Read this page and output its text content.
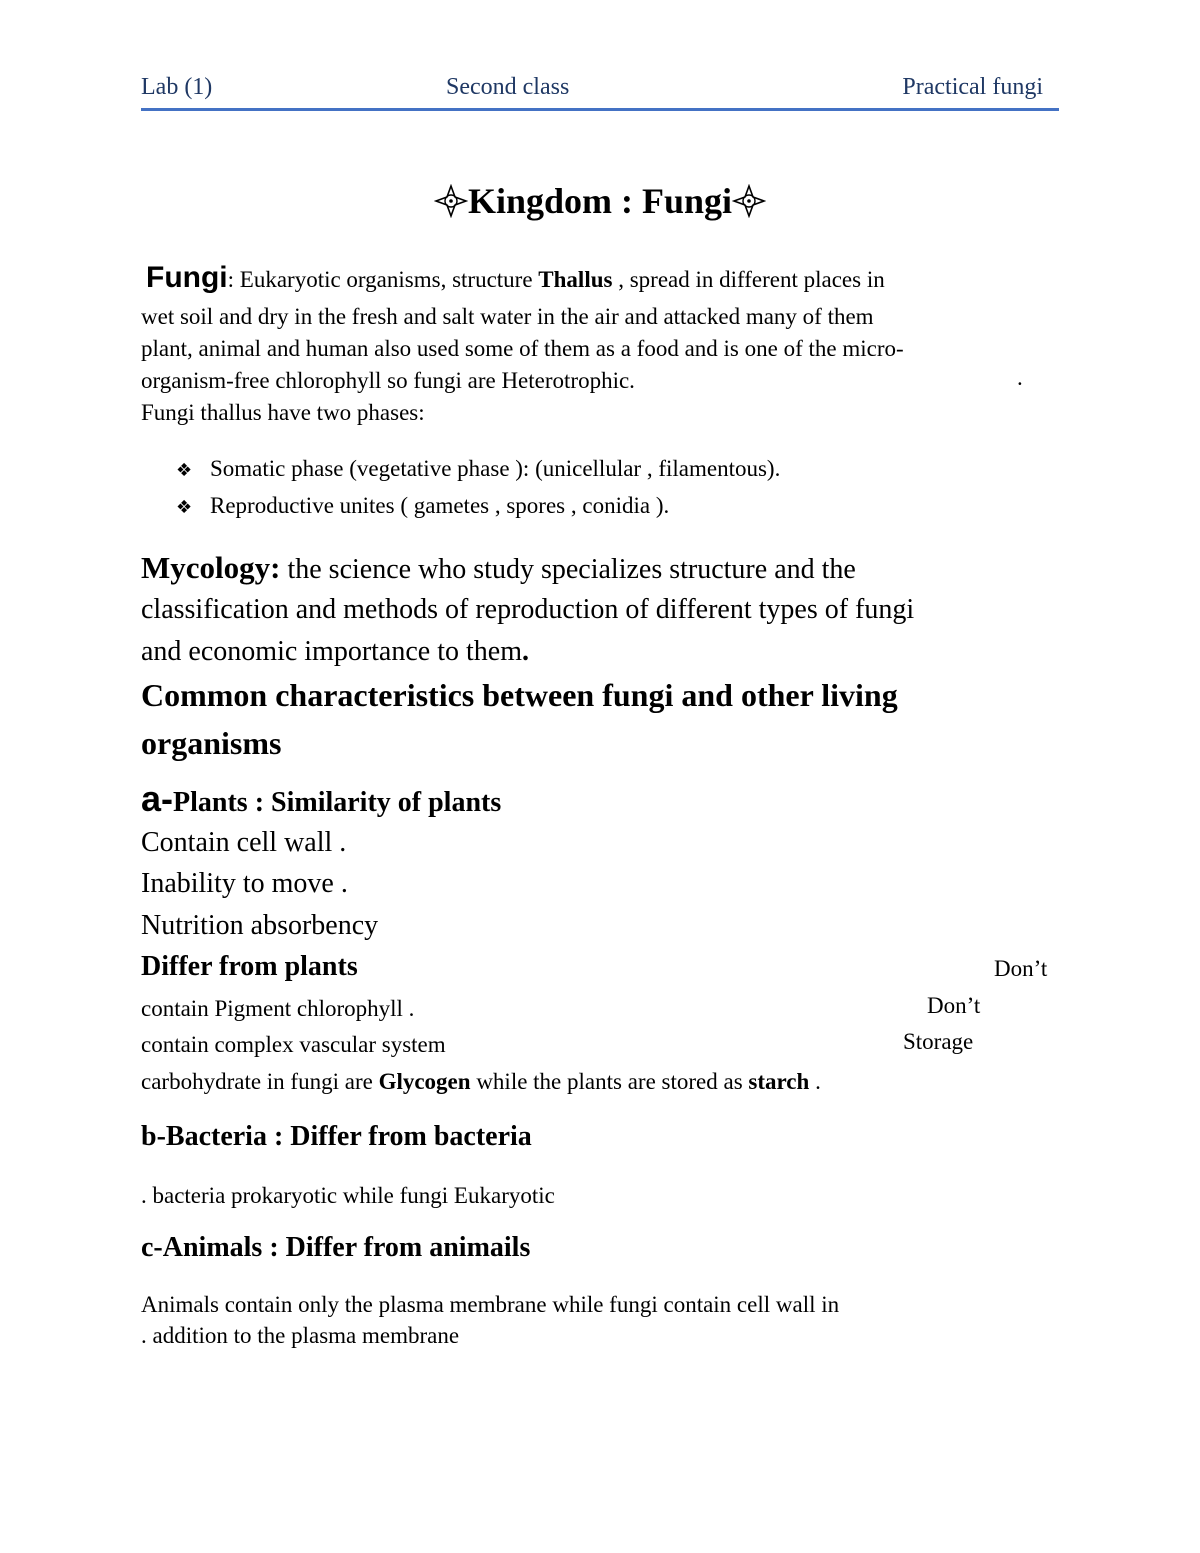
Lab (1)	Second class	Practical fungi
Kingdom : Fungi
Fungi: Eukaryotic organisms, structure Thallus , spread in different places in
wet soil and dry in the fresh and salt water in the air and attacked many of them
plant, animal and human also used some of them as a food and is one of the micro-
organism-free chlorophyll so fungi are Heterotrophic.	.
Fungi thallus have two phases:
❖ Somatic phase (vegetative phase ): (unicellular , filamentous).
❖ Reproductive unites ( gametes , spores , conidia ).
Mycology: the science who study specializes structure and the
classification and methods of reproduction of different types of fungi
and economic importance to them.
Common characteristics between fungi and other living
organisms
a-Plants : Similarity of plants
Contain cell wall .
Inability to move .
Nutrition absorbency
Differ from plants	Don’t
contain Pigment chlorophyll .	Don’t
contain complex vascular system	Storage
carbohydrate in fungi are Glycogen while the plants are stored as starch .
b-Bacteria : Differ from bacteria
. bacteria prokaryotic while fungi Eukaryotic
c-Animals : Differ from animails
Animals contain only the plasma membrane while fungi contain cell wall in
. addition to the plasma membrane
